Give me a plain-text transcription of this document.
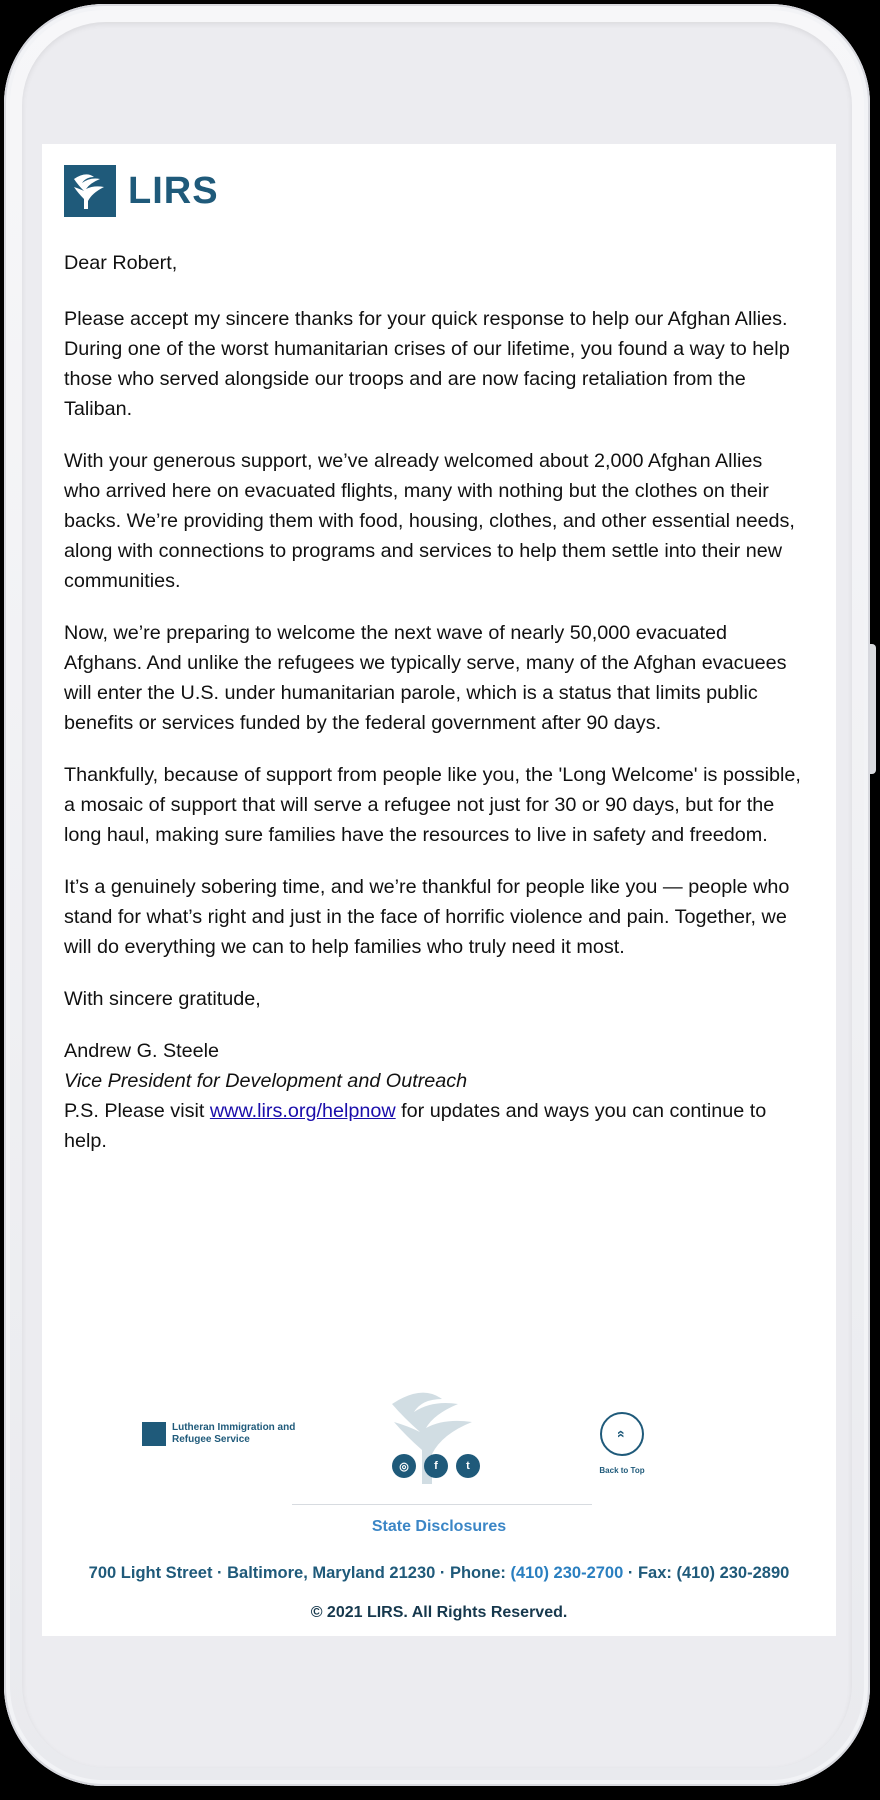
LIRS

Dear Robert,

Please accept my sincere thanks for your quick response to help our Afghan Allies. During one of the worst humanitarian crises of our lifetime, you found a way to help those who served alongside our troops and are now facing retaliation from the Taliban.

With your generous support, we’ve already welcomed about 2,000 Afghan Allies who arrived here on evacuated flights, many with nothing but the clothes on their backs. We’re providing them with food, housing, clothes, and other essential needs, along with connections to programs and services to help them settle into their new communities.

Now, we’re preparing to welcome the next wave of nearly 50,000 evacuated Afghans. And unlike the refugees we typically serve, many of the Afghan evacuees will enter the U.S. under humanitarian parole, which is a status that limits public benefits or services funded by the federal government after 90 days.

Thankfully, because of support from people like you, the 'Long Welcome' is possible, a mosaic of support that will serve a refugee not just for 30 or 90 days, but for the long haul, making sure families have the resources to live in safety and freedom.

It’s a genuinely sobering time, and we’re thankful for people like you — people who stand for what’s right and just in the face of horrific violence and pain. Together, we will do everything we can to help families who truly need it most.

With sincere gratitude,

Andrew G. Steele

Vice President for Development and Outreach

P.S. Please visit www.lirs.org/helpnow for updates and ways you can continue to help.

Lutheran Immigration and Refugee Service
◎	f	t
«
Back to Top
State Disclosures
700 Light Street · Baltimore, Maryland 21230 · Phone: (410) 230-2700 · Fax: (410) 230-2890
© 2021 LIRS. All Rights Reserved.
